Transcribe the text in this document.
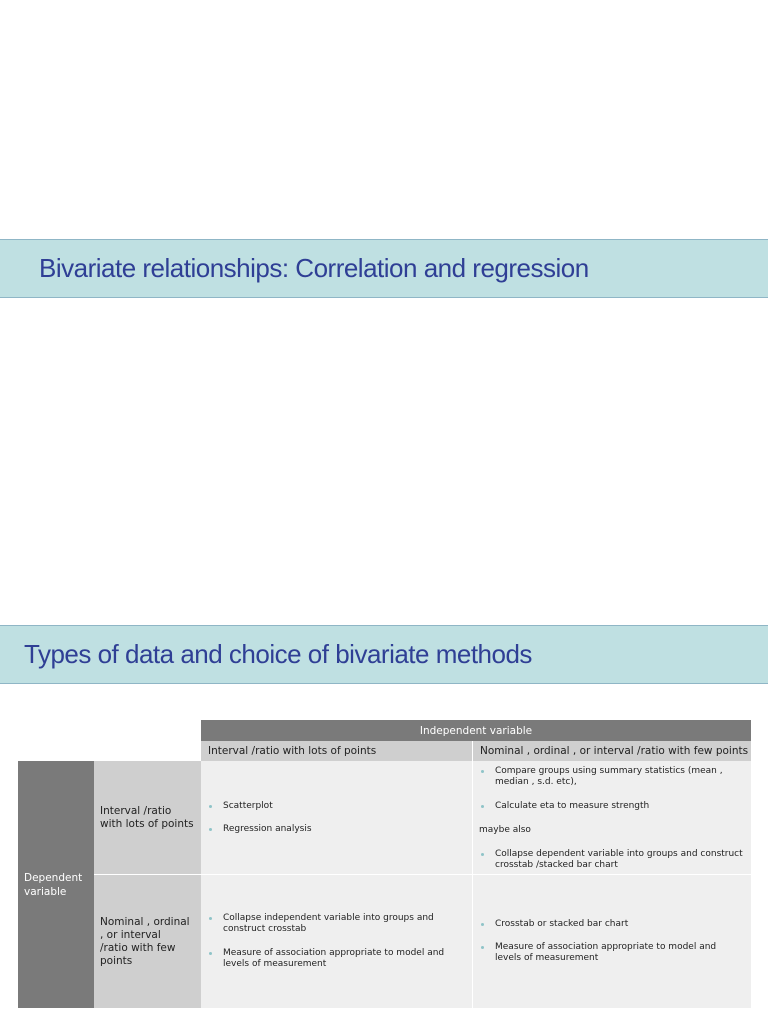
Bivariate relationships: Correlation and regression
Types of data and choice of bivariate methods
Independent variable
Interval /ratio with lots of points	Nominal , ordinal , or interval /ratio with few points
Dependent variable
Interval /ratio with lots of points
Nominal , ordinal , or interval /ratio with few points
Scatterplot
Regression analysis
Compare groups using summary statistics (mean , median , s.d. etc),
Calculate eta to measure strength
maybe also
Collapse dependent variable into groups and construct crosstab /stacked bar chart
Collapse independent variable into groups and construct crosstab
Measure of association appropriate to model and levels of measurement
Crosstab or stacked bar chart
Measure of association appropriate to model and levels of measurement
